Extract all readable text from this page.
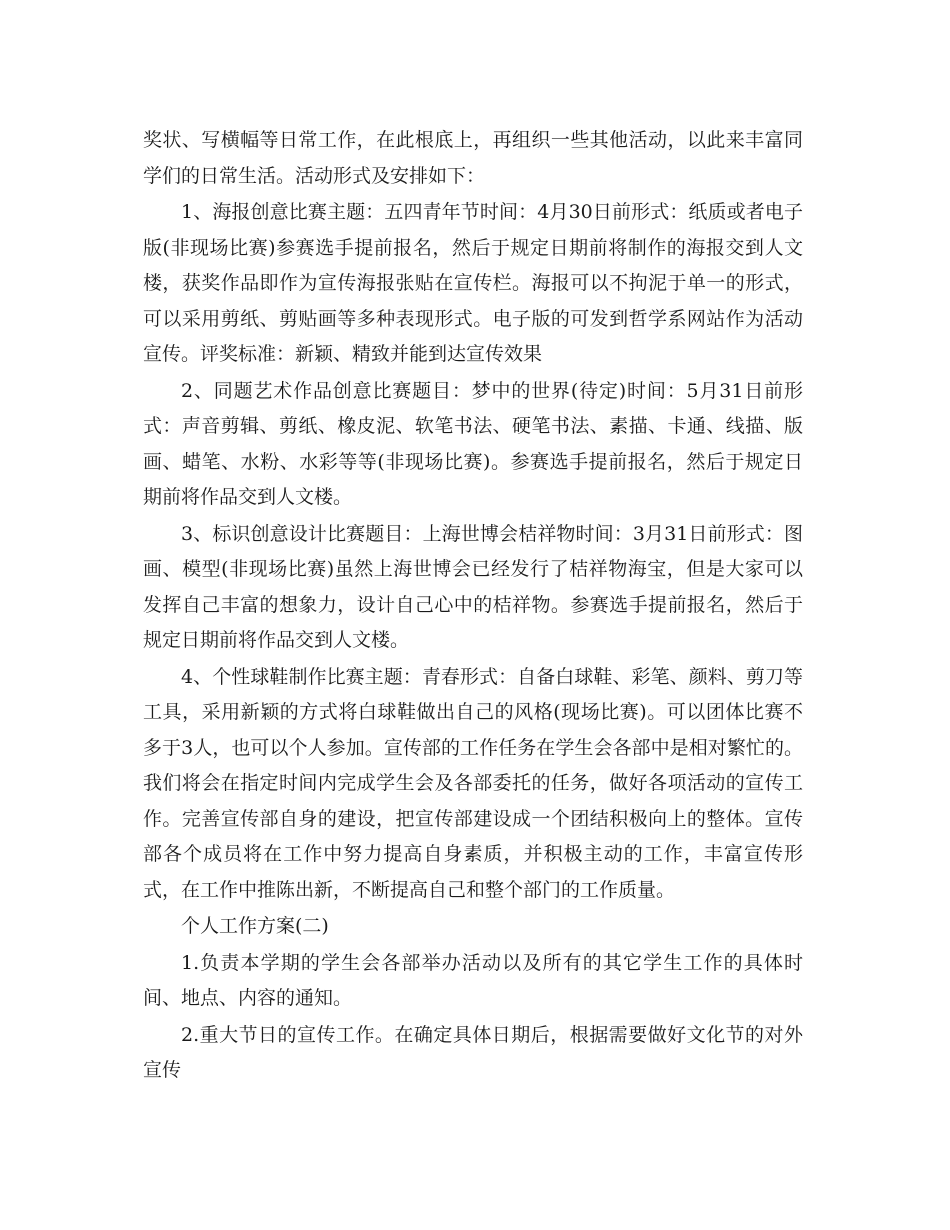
奖状、写横幅等日常工作，在此根底上，再组织一些其他活动，以此来丰富同学们的日常生活。活动形式及安排如下：

1、海报创意比赛主题：五四青年节时间：4月30日前形式：纸质或者电子版(非现场比赛)参赛选手提前报名，然后于规定日期前将制作的海报交到人文楼，获奖作品即作为宣传海报张贴在宣传栏。海报可以不拘泥于单一的形式，可以采用剪纸、剪贴画等多种表现形式。电子版的可发到哲学系网站作为活动宣传。评奖标准：新颖、精致并能到达宣传效果

2、同题艺术作品创意比赛题目：梦中的世界(待定)时间：5月31日前形式：声音剪辑、剪纸、橡皮泥、软笔书法、硬笔书法、素描、卡通、线描、版画、蜡笔、水粉、水彩等等(非现场比赛)。参赛选手提前报名，然后于规定日期前将作品交到人文楼。

3、标识创意设计比赛题目：上海世博会桔祥物时间：3月31日前形式：图画、模型(非现场比赛)虽然上海世博会已经发行了桔祥物海宝，但是大家可以发挥自己丰富的想象力，设计自己心中的桔祥物。参赛选手提前报名，然后于规定日期前将作品交到人文楼。

4、个性球鞋制作比赛主题：青春形式：自备白球鞋、彩笔、颜料、剪刀等工具，采用新颖的方式将白球鞋做出自己的风格(现场比赛)。可以团体比赛不多于3人，也可以个人参加。宣传部的工作任务在学生会各部中是相对繁忙的。我们将会在指定时间内完成学生会及各部委托的任务，做好各项活动的宣传工作。完善宣传部自身的建设，把宣传部建设成一个团结积极向上的整体。宣传部各个成员将在工作中努力提高自身素质，并积极主动的工作，丰富宣传形式，在工作中推陈出新，不断提高自己和整个部门的工作质量。

个人工作方案(二)

1.负责本学期的学生会各部举办活动以及所有的其它学生工作的具体时间、地点、内容的通知。

2.重大节日的宣传工作。在确定具体日期后，根据需要做好文化节的对外宣传
